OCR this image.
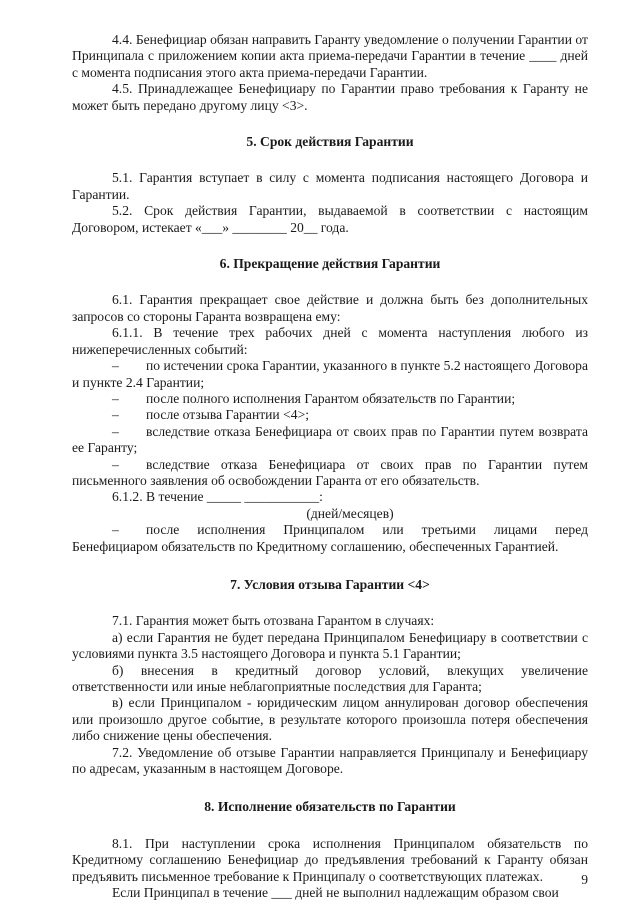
4.4. Бенефициар обязан направить Гаранту уведомление о получении Гарантии от Принципала с приложением копии акта приема-передачи Гарантии в течение ____ дней с момента подписания этого акта приема-передачи Гарантии.

4.5. Принадлежащее Бенефициару по Гарантии право требования к Гаранту не может быть передано другому лицу <3>.

5. Срок действия Гарантии

5.1. Гарантия вступает в силу с момента подписания настоящего Договора и Гарантии.

5.2. Срок действия Гарантии, выдаваемой в соответствии с настоящим Договором, истекает «___» ________ 20__ года.

6. Прекращение действия Гарантии

6.1. Гарантия прекращает свое действие и должна быть без дополнительных запросов со стороны Гаранта возвращена ему:

6.1.1. В течение трех рабочих дней с момента наступления любого из нижеперечисленных событий:

– по истечении срока Гарантии, указанного в пункте 5.2 настоящего Договора и пункте 2.4 Гарантии;

– после полного исполнения Гарантом обязательств по Гарантии;

– после отзыва Гарантии <4>;

– вследствие отказа Бенефициара от своих прав по Гарантии путем возврата ее Гаранту;

– вследствие отказа Бенефициара от своих прав по Гарантии путем письменного заявления об освобождении Гаранта от его обязательств.

6.1.2. В течение _____ ___________:

(дней/месяцев)

– после исполнения Принципалом или третьими лицами перед Бенефициаром обязательств по Кредитному соглашению, обеспеченных Гарантией.

7. Условия отзыва Гарантии <4>

7.1. Гарантия может быть отозвана Гарантом в случаях:

а) если Гарантия не будет передана Принципалом Бенефициару в соответствии с условиями пункта 3.5 настоящего Договора и пункта 5.1 Гарантии;

б) внесения в кредитный договор условий, влекущих увеличение ответственности или иные неблагоприятные последствия для Гаранта;

в) если Принципалом - юридическим лицом аннулирован договор обеспечения или произошло другое событие, в результате которого произошла потеря обеспечения либо снижение цены обеспечения.

7.2. Уведомление об отзыве Гарантии направляется Принципалу и Бенефициару по адресам, указанным в настоящем Договоре.

8. Исполнение обязательств по Гарантии

8.1. При наступлении срока исполнения Принципалом обязательств по Кредитному соглашению Бенефициар до предъявления требований к Гаранту обязан предъявить письменное требование к Принципалу о соответствующих платежах.

Если Принципал в течение ___ дней не выполнил надлежащим образом свои

9
